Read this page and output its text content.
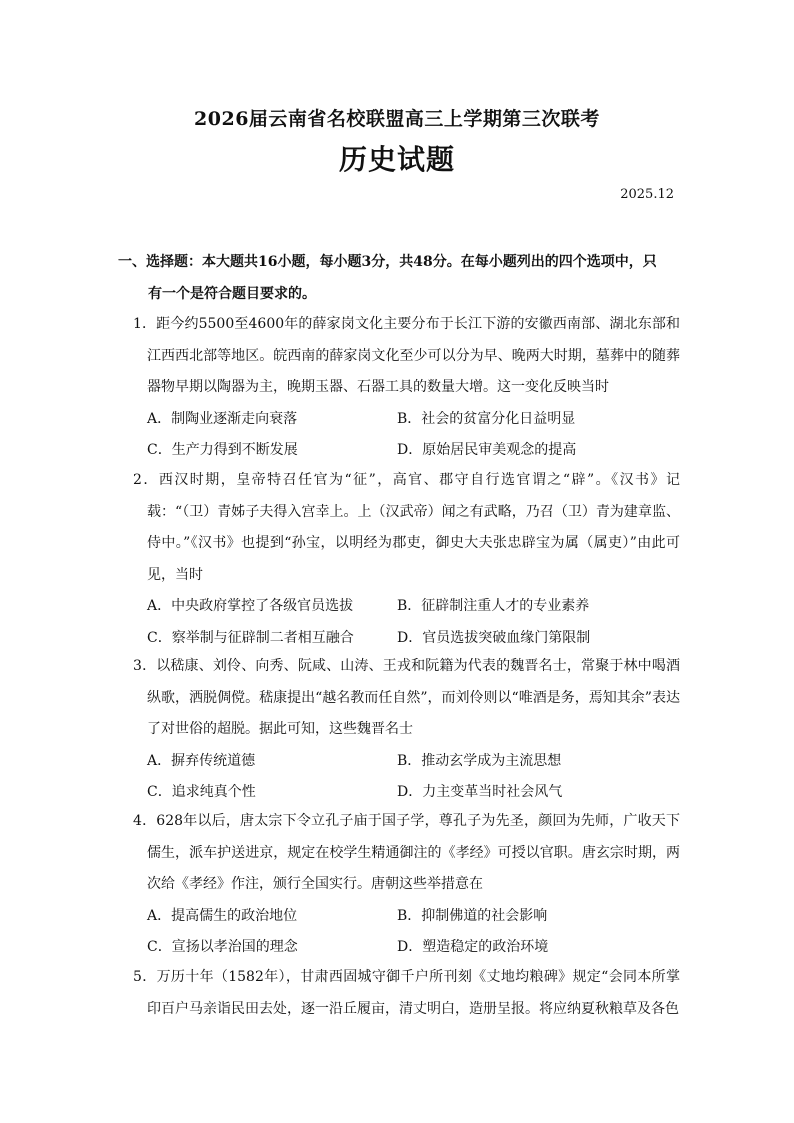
2026届云南省名校联盟高三上学期第三次联考
历史试题
2025.12
一、选择题：本大题共16小题，每小题3分，共48分。在每小题列出的四个选项中，只
有一个是符合题目要求的。
1．距今约5500至4600年的薛家岗文化主要分布于长江下游的安徽西南部、湖北东部和江西西北部等地区。皖西南的薛家岗文化至少可以分为早、晚两大时期，墓葬中的随葬器物早期以陶器为主，晚期玉器、石器工具的数量大增。这一变化反映当时
A．制陶业逐渐走向衰落	B．社会的贫富分化日益明显
C．生产力得到不断发展	D．原始居民审美观念的提高
2．西汉时期，皇帝特召任官为“征”，高官、郡守自行选官谓之“辟”。《汉书》记载：“（卫）青姊子夫得入宫幸上。上（汉武帝）闻之有武略，乃召（卫）青为建章监、侍中。”《汉书》也提到“孙宝，以明经为郡吏，御史大夫张忠辟宝为属（属吏）”由此可见，当时
A．中央政府掌控了各级官员选拔	B．征辟制注重人才的专业素养
C．察举制与征辟制二者相互融合	D．官员选拔突破血缘门第限制
3．以嵇康、刘伶、向秀、阮咸、山涛、王戎和阮籍为代表的魏晋名士，常聚于林中喝酒纵歌，洒脱倜傥。嵇康提出“越名教而任自然”，而刘伶则以“唯酒是务，焉知其余”表达了对世俗的超脱。据此可知，这些魏晋名士
A．摒弃传统道德	B．推动玄学成为主流思想
C．追求纯真个性	D．力主变革当时社会风气
4．628年以后，唐太宗下令立孔子庙于国子学，尊孔子为先圣，颜回为先师，广收天下儒生，派车护送进京，规定在校学生精通御注的《孝经》可授以官职。唐玄宗时期，两次给《孝经》作注，颁行全国实行。唐朝这些举措意在
A．提高儒生的政治地位	B．抑制佛道的社会影响
C．宣扬以孝治国的理念	D．塑造稳定的政治环境
5．万历十年（1582年），甘肃西固城守御千户所刊刻《丈地均粮碑》规定“会同本所掌印百户马亲诣民田去处，逐一沿丘履亩，清丈明白，造册呈报。将应纳夏秋粮草及各色
